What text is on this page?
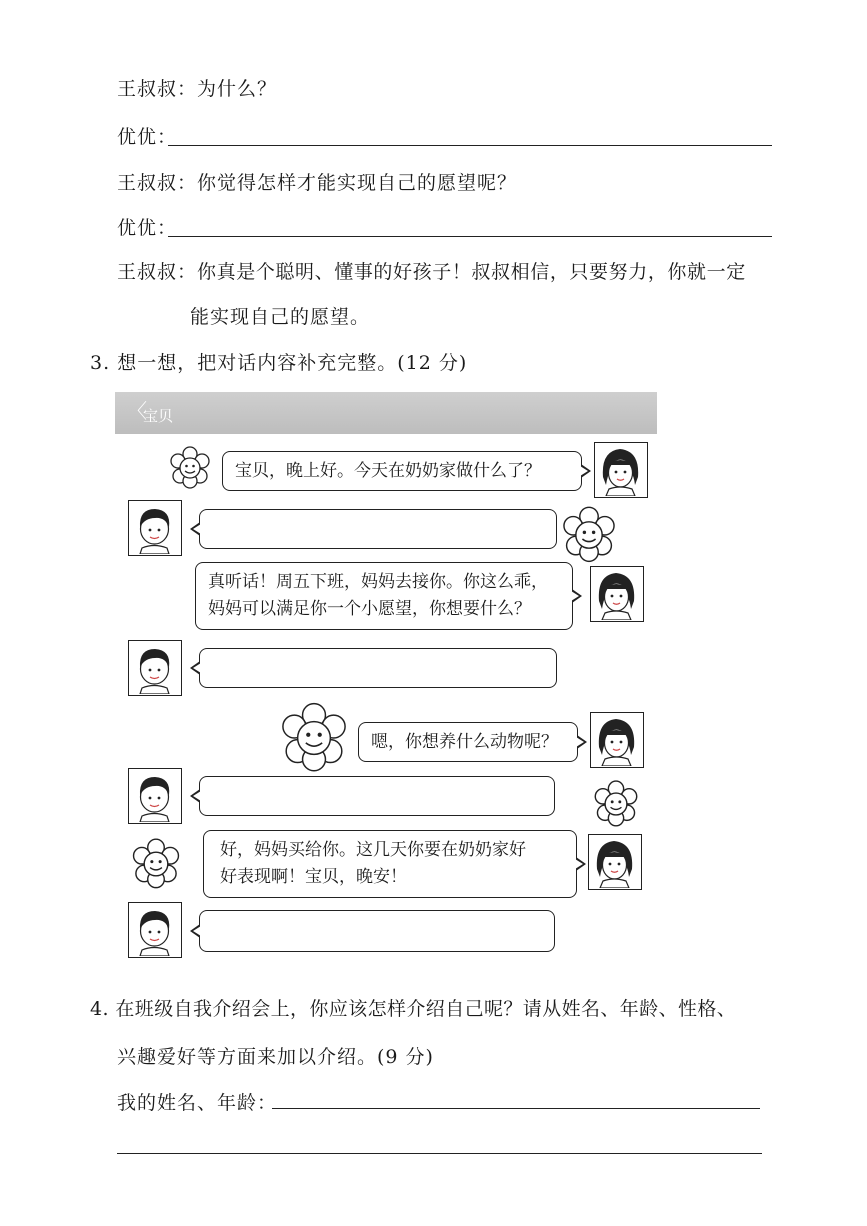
王叔叔：为什么？
优优：
王叔叔：你觉得怎样才能实现自己的愿望呢？
优优：
王叔叔：你真是个聪明、懂事的好孩子！叔叔相信，只要努力，你就一定
能实现自己的愿望。
3. 想一想，把对话内容补充完整。(12 分)
〈
宝贝
宝贝，晚上好。今天在奶奶家做什么了？
真听话！周五下班，妈妈去接你。你这么乖，
妈妈可以满足你一个小愿望，你想要什么？
嗯，你想养什么动物呢？
好，妈妈买给你。这几天你要在奶奶家好
好表现啊！宝贝，晚安！
4. 在班级自我介绍会上，你应该怎样介绍自己呢？请从姓名、年龄、性格、
兴趣爱好等方面来加以介绍。(9 分)
我的姓名、年龄：
